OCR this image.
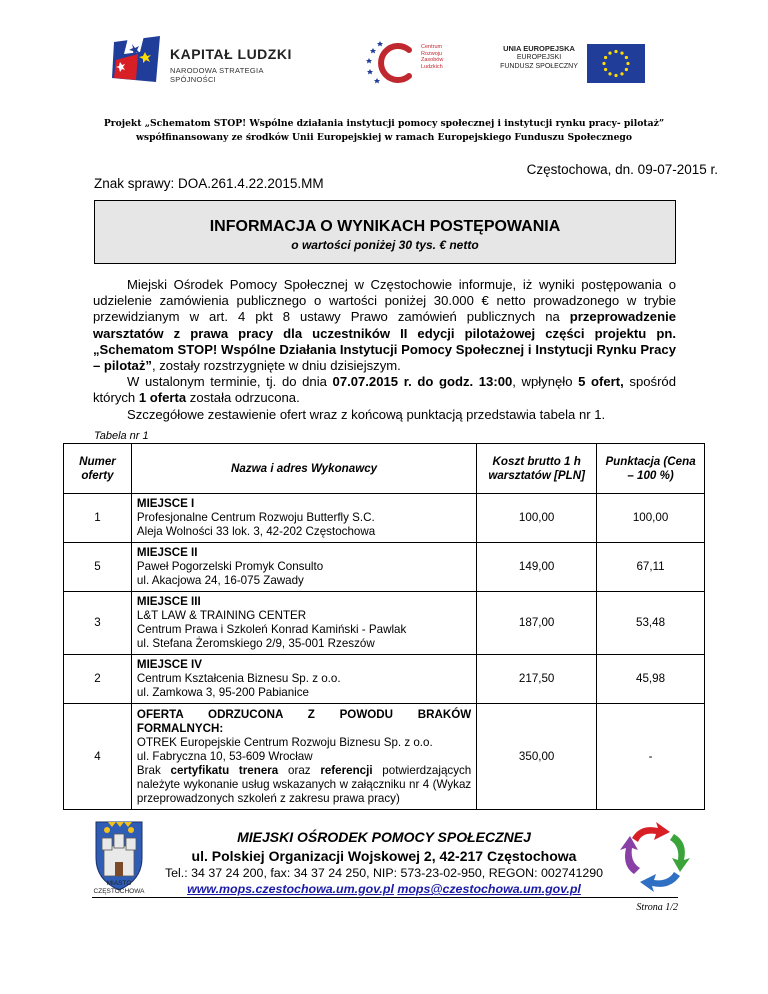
KAPITAŁ LUDZKI
NARODOWA STRATEGIA SPÓJNOŚCI
Centrum
Rozwoju
Zasobów
Ludzkich
UNIA EUROPEJSKA
EUROPEJSKI
FUNDUSZ SPOŁECZNY
Projekt „Schematom STOP! Wspólne działania instytucji pomocy społecznej i instytucji rynku pracy- pilotaż”
współfinansowany ze środków Unii Europejskiej w ramach Europejskiego Funduszu Społecznego
Częstochowa, dn. 09-07-2015 r.
Znak sprawy: DOA.261.4.22.2015.MM
INFORMACJA O WYNIKACH POSTĘPOWANIA
o wartości poniżej 30 tys. € netto

Miejski Ośrodek Pomocy Społecznej w Częstochowie informuje, iż wyniki postępowania o udzielenie zamówienia publicznego o wartości poniżej 30.000 € netto prowadzonego w trybie przewidzianym w art. 4 pkt 8 ustawy Prawo zamówień publicznych na przeprowadzenie warsztatów z prawa pracy dla uczestników II edycji pilotażowej części projektu pn. „Schematom STOP! Wspólne Działania Instytucji Pomocy Społecznej i Instytucji Rynku Pracy – pilotaż”, zostały rozstrzygnięte w dniu dzisiejszym.

W ustalonym terminie, tj. do dnia 07.07.2015 r. do godz. 13:00, wpłynęło 5 ofert, spośród których 1 oferta została odrzucona.

Szczegółowe zestawienie ofert wraz z końcową punktacją przedstawia tabela nr 1.

Tabela nr 1
Numer oferty	Nazwa i adres Wykonawcy	Koszt brutto 1 h warsztatów [PLN]	Punktacja (Cena – 100 %)
1	MIEJSCE I
Profesjonalne Centrum Rozwoju Butterfly S.C.
Aleja Wolności 33 lok. 3, 42-202 Częstochowa	100,00	100,00
5	MIEJSCE II
Paweł Pogorzelski Promyk Consulto
ul. Akacjowa 24, 16-075 Zawady	149,00	67,11
3	MIEJSCE III
L&T LAW & TRAINING CENTER
Centrum Prawa i Szkoleń Konrad Kamiński - Pawlak
ul. Stefana Żeromskiego 2/9, 35-001 Rzeszów	187,00	53,48
2	MIEJSCE IV
Centrum Kształcenia Biznesu Sp. z o.o.
ul. Zamkowa 3, 95-200 Pabianice	217,50	45,98
4	OFERTA ODRZUCONA Z POWODU BRAKÓW FORMALNYCH:
OTREK Europejskie Centrum Rozwoju Biznesu Sp. z o.o.
ul. Fabryczna 10, 53-609 Wrocław
Brak certyfikatu trenera oraz referencji potwierdzających należyte wykonanie usług wskazanych w załączniku nr 4 (Wykaz przeprowadzonych szkoleń z zakresu prawa pracy)	350,00	-
MIASTO
CZĘSTOCHOWA
MIEJSKI OŚRODEK POMOCY SPOŁECZNEJ
ul. Polskiej Organizacji Wojskowej 2, 42-217 Częstochowa
Tel.: 34 37 24 200, fax: 34 37 24 250, NIP: 573-23-02-950, REGON: 002741290
www.mops.czestochowa.um.gov.pl mops@czestochowa.um.gov.pl
Strona 1/2
